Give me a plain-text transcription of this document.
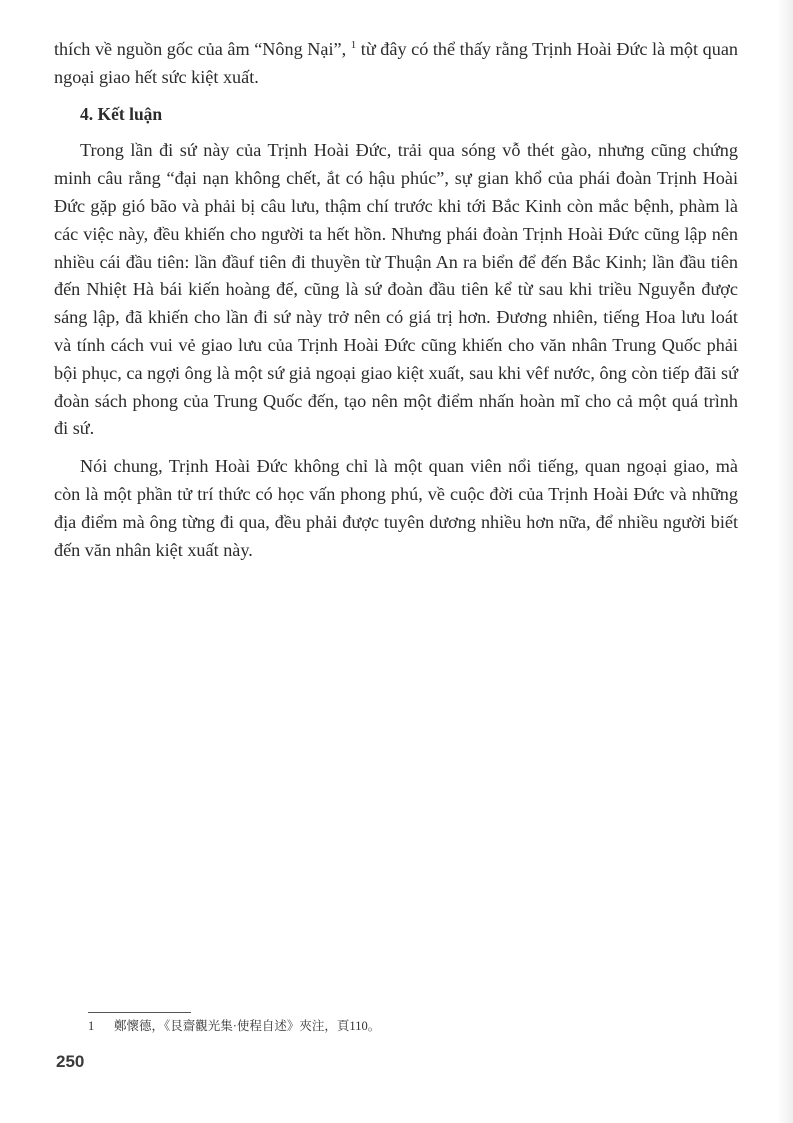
thích về nguồn gốc của âm “Nông Nại”, $^1$ từ đây có thể thấy rằng Trịnh Hoài Đức là một quan ngoại giao hết sức kiệt xuất.

4. Kết luận

Trong lần đi sứ này của Trịnh Hoài Đức, trải qua sóng vỗ thét gào, nhưng cũng chứng minh câu rằng “đại nạn không chết, ắt có hậu phúc”, sự gian khổ của phái đoàn Trịnh Hoài Đức gặp gió bão và phải bị câu lưu, thậm chí trước khi tới Bắc Kinh còn mắc bệnh, phàm là các việc này, đều khiến cho người ta hết hồn. Nhưng phái đoàn Trịnh Hoài Đức cũng lập nên nhiều cái đầu tiên: lần đầuf tiên đi thuyền từ Thuận An ra biển để đến Bắc Kinh; lần đầu tiên đến Nhiệt Hà bái kiến hoàng đế, cũng là sứ đoàn đầu tiên kể từ sau khi triều Nguyễn được sáng lập, đã khiến cho lần đi sứ này trở nên có giá trị hơn. Đương nhiên, tiếng Hoa lưu loát và tính cách vui vẻ giao lưu của Trịnh Hoài Đức cũng khiến cho văn nhân Trung Quốc phải bội phục, ca ngợi ông là một sứ giả ngoại giao kiệt xuất, sau khi vêf nước, ông còn tiếp đãi sứ đoàn sách phong của Trung Quốc đến, tạo nên một điểm nhấn hoàn mĩ cho cả một quá trình đi sứ.

Nói chung, Trịnh Hoài Đức không chỉ là một quan viên nổi tiếng, quan ngoại giao, mà còn là một phần tử trí thức có học vấn phong phú, về cuộc đời của Trịnh Hoài Đức và những địa điểm mà ông từng đi qua, đều phải được tuyên dương nhiều hơn nữa, để nhiều người biết đến văn nhân kiệt xuất này.

1 鄭懷德，《艮齋觀光集·使程自述》夾注，頁110。
250
